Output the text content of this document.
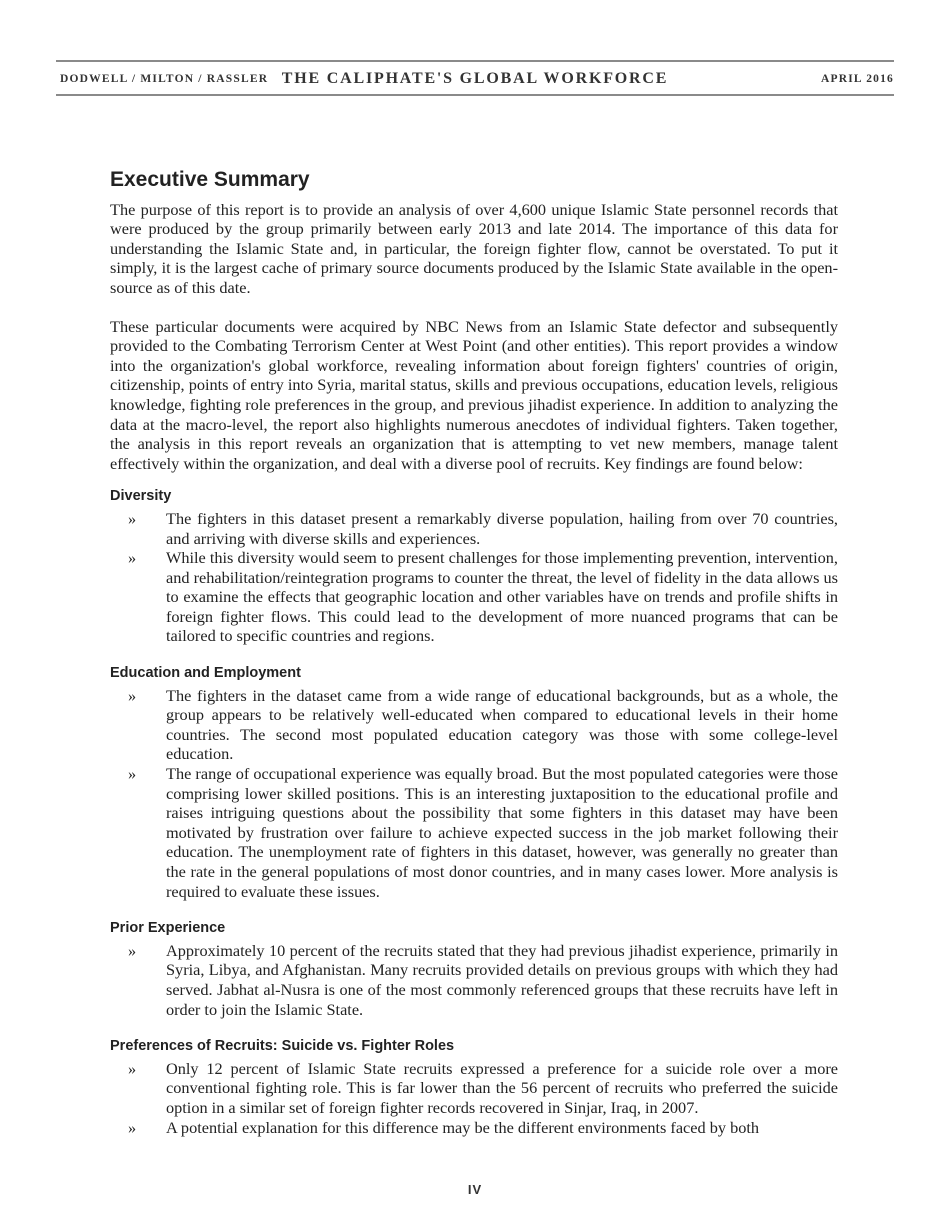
DODWELL / MILTON / RASSLER THE CALIPHATE'S GLOBAL WORKFORCE	APRIL 2016
Executive Summary

The purpose of this report is to provide an analysis of over 4,600 unique Islamic State personnel records that were produced by the group primarily between early 2013 and late 2014. The importance of this data for understanding the Islamic State and, in particular, the foreign fighter flow, cannot be overstated. To put it simply, it is the largest cache of primary source documents produced by the Islamic State available in the open-source as of this date.

These particular documents were acquired by NBC News from an Islamic State defector and subsequently provided to the Combating Terrorism Center at West Point (and other entities). This report provides a window into the organization's global workforce, revealing information about foreign fighters' countries of origin, citizenship, points of entry into Syria, marital status, skills and previous occupations, education levels, religious knowledge, fighting role preferences in the group, and previous jihadist experience. In addition to analyzing the data at the macro-level, the report also highlights numerous anecdotes of individual fighters. Taken together, the analysis in this report reveals an organization that is attempting to vet new members, manage talent effectively within the organization, and deal with a diverse pool of recruits. Key findings are found below:

Diversity
» The fighters in this dataset present a remarkably diverse population, hailing from over 70 countries, and arriving with diverse skills and experiences.
» While this diversity would seem to present challenges for those implementing prevention, intervention, and rehabilitation/reintegration programs to counter the threat, the level of fidelity in the data allows us to examine the effects that geographic location and other variables have on trends and profile shifts in foreign fighter flows. This could lead to the development of more nuanced programs that can be tailored to specific countries and regions.
Education and Employment
» The fighters in the dataset came from a wide range of educational backgrounds, but as a whole, the group appears to be relatively well-educated when compared to educational levels in their home countries. The second most populated education category was those with some college-level education.
» The range of occupational experience was equally broad. But the most populated categories were those comprising lower skilled positions. This is an interesting juxtaposition to the educational profile and raises intriguing questions about the possibility that some fighters in this dataset may have been motivated by frustration over failure to achieve expected success in the job market following their education. The unemployment rate of fighters in this dataset, however, was generally no greater than the rate in the general populations of most donor countries, and in many cases lower. More analysis is required to evaluate these issues.
Prior Experience
» Approximately 10 percent of the recruits stated that they had previous jihadist experience, primarily in Syria, Libya, and Afghanistan. Many recruits provided details on previous groups with which they had served. Jabhat al-Nusra is one of the most commonly referenced groups that these recruits have left in order to join the Islamic State.
Preferences of Recruits: Suicide vs. Fighter Roles
» Only 12 percent of Islamic State recruits expressed a preference for a suicide role over a more conventional fighting role. This is far lower than the 56 percent of recruits who preferred the suicide option in a similar set of foreign fighter records recovered in Sinjar, Iraq, in 2007.
» A potential explanation for this difference may be the different environments faced by both
IV
